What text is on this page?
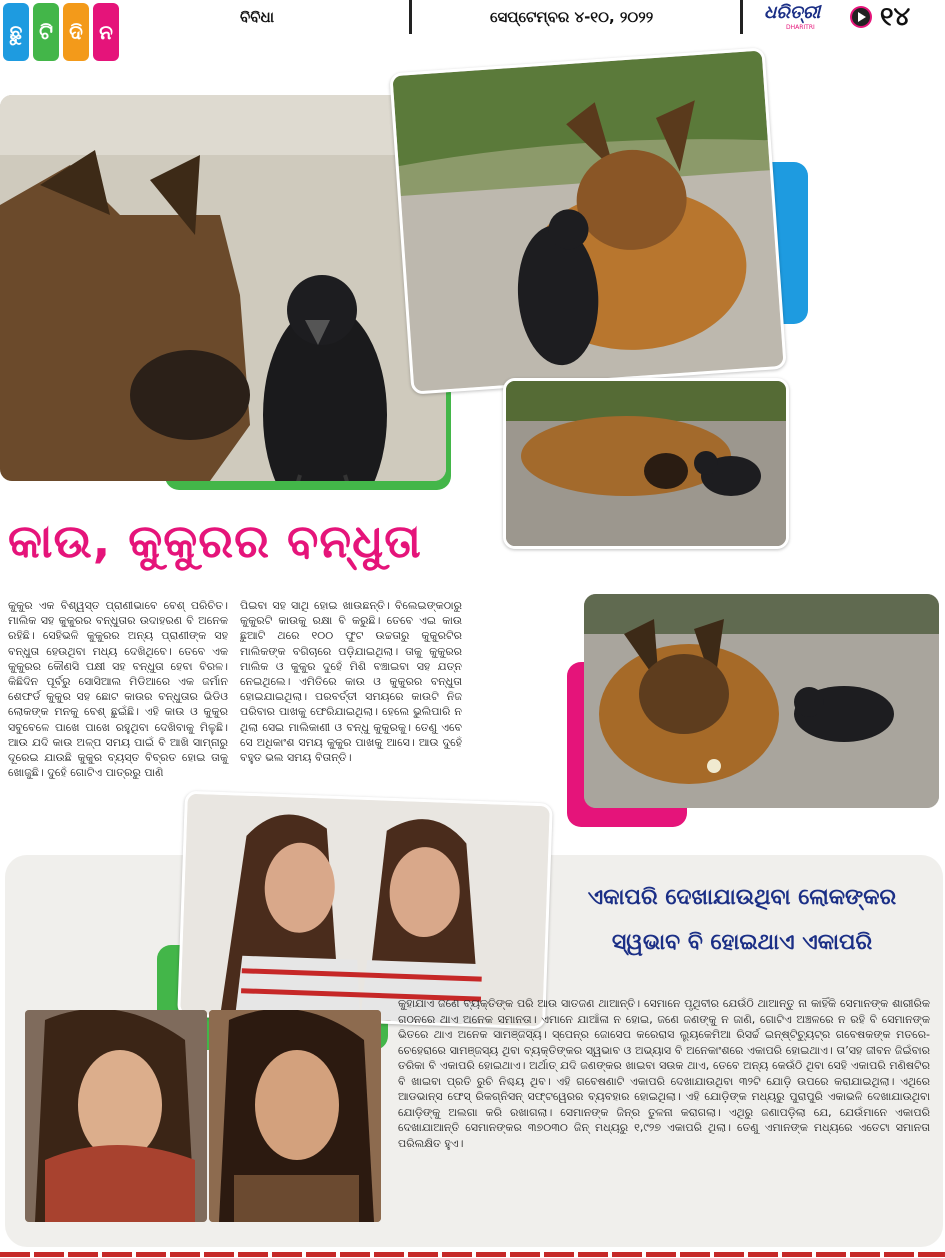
ଛୁ ଟି ଦି ନ
ବିବିଧା	ସେପ୍ଟେମ୍ବର ୪-୧୦, ୨୦୨୨	ଧରିତ୍ରୀ
DHARITRI	୧୪
କାଉ, କୁକୁରର ବନ୍ଧୁତା
କୁକୁର ଏକ ବିଶ୍ୱସ୍ତ ପ୍ରାଣୀଭାବେ ବେଶ୍ ପରିଚିତ। ମାଲିକ ସହ କୁକୁରର ବନ୍ଧୁତାର ଉଦାହରଣ ବି ଅନେକ ରହିଛି। ସେହିଭଳି କୁକୁରର ଅନ୍ୟ ପ୍ରାଣୀଙ୍କ ସହ ବନ୍ଧୁତା ହେଉଥିବା ମଧ୍ୟ ଦେଖିଥିବେ। ତେବେ ଏକ କୁକୁରର କୌଣସି ପକ୍ଷୀ ସହ ବନ୍ଧୁତା ହେବା ବିରଳ। କିଛିଦିନ ପୂର୍ବରୁ ସୋସିଆଲ ମିଡିଆରେ ଏକ ଜର୍ମାନ ଶେଫର୍ଡ କୁକୁର ସହ ଛୋଟ କାଉର ବନ୍ଧୁତାର ଭିଡିଓ ଲୋକଙ୍କ ମନକୁ ବେଶ୍ ଛୁଇଁଛି। ଏହି କାଉ ଓ କୁକୁର ସବୁବେଳେ ପାଖେ ପାଖେ ରହୁଥିବା ଦେଖିବାକୁ ମିଳୁଛି। ଆଉ ଯଦି କାଉ ଅଳ୍ପ ସମୟ ପାଇଁ ବି ଆଖି ସାମ୍ନାରୁ ଦୂରେଇ ଯାଉଛି କୁକୁର ବ୍ୟସ୍ତ ବିବ୍ରତ ହୋଇ ତାକୁ ଖୋଜୁଛି। ଦୁହେଁ ଗୋଟିଏ ପାତ୍ରରୁ ପାଣି
ପିଇବା ସହ ସାଥି ହୋଇ ଖାଉଛନ୍ତି। ବିଲେଇଙ୍କଠାରୁ କୁକୁରଟି କାଉକୁ ରକ୍ଷା ବି କରୁଛି। ତେବେ ଏଇ କାଉ ଛୁଆଟି ଥରେ ୧୦୦ ଫୁଟ ଉଚ୍ଚତାରୁ କୁକୁରଟିର ମାଲିକଙ୍କ ବଗିଚାରେ ପଡ଼ିଯାଇଥିଲା। ତାକୁ କୁକୁରର ମାଲିକ ଓ କୁକୁର ଦୁହେଁ ମିଶି ବଞ୍ଚାଇବା ସହ ଯତ୍ନ ନେଇଥିଲେ। ଏମିତିରେ କାଉ ଓ କୁକୁରର ବନ୍ଧୁତା ହୋଇଯାଇଥିଲା। ପରବର୍ତ୍ତୀ ସମୟରେ କାଉଟି ନିଜ ପରିବାର ପାଖକୁ ଫେରିଯାଇଥିଲା। ହେଲେ ଭୁଲିପାରି ନ ଥିଲା ସେଇ ମାଲିକାଣୀ ଓ ବନ୍ଧୁ କୁକୁରକୁ। ତେଣୁ ଏବେ ସେ ଅଧିକାଂଶ ସମୟ କୁକୁର ପାଖକୁ ଆସେ। ଆଉ ଦୁହେଁ ବହୁତ ଭଲ ସମୟ ବିତାନ୍ତି।
ଏକାପରି ଦେଖାଯାଉଥିବା ଲୋକଙ୍କର
ସ୍ୱଭାବ ବି ହୋଇଥାଏ ଏକାପରି
କୁହାଯାଏ ଜଣେ ବ୍ୟକ୍ତିଙ୍କ ପରି ଆଉ ସାତଜଣ ଥାଆନ୍ତି। ସେମାନେ ପୃଥିବୀର ଯେଉଁଠି ଥାଆନ୍ତୁ ନା କାହିଁକି ସେମାନଙ୍କ ଶାରୀରିକ ଗଠନରେ ଥାଏ ଅନେକ ସମାନତା। ଏମାନେ ଯାଆଁଳା ନ ହୋଇ, ଜଣେ ଜଣଙ୍କୁ ନ ଜାଣି, ଗୋଟିଏ ଅଞ୍ଚଳରେ ନ ରହି ବି ସେମାନଙ୍କ ଭିତରେ ଥାଏ ଅନେକ ସାମଞ୍ଜସ୍ୟ। ସ୍ପେନ୍‌ର ଜୋସେପ କରେରାସ ଲ୍ୟୁକେମିଆ ରିସର୍ଚ୍ଚ ଇନ୍‌ଷ୍ଟିଚ୍ୟୁଟ୍‌ର ଗବେଷକଙ୍କ ମତରେ-ଚେହେରାରେ ସାମଞ୍ଜସ୍ୟ ଥିବା ବ୍ୟକ୍ତିଙ୍କର ସ୍ୱଭାବ ଓ ଅଭ୍ୟାସ ବି ଅନେକାଂଶରେ ଏକାପରି ହୋଇଥାଏ। ତା’ସହ ଜୀବନ ଜିଇଁବାର ତରିକା ବି ଏକାପରି ହୋଇଥାଏ। ଅର୍ଥାତ୍ ଯଦି ଜଣଙ୍କର ଖାଇବା ସଉକ ଥାଏ, ତେବେ ଅନ୍ୟ କେଉଁଠି ଥିବା ସେହି ଏକାପରି ମଣିଷଟିର ବି ଖାଇବା ପ୍ରତି ରୁଚି ନିଶ୍ଚୟ ଥିବ। ଏହି ଗବେଷଣାଟି ଏକାପରି ଦେଖାଯାଉଥିବା ୩୨ଟି ଯୋଡ଼ି ଉପରେ କରାଯାଇଥିଲା। ଏଥିରେ ଆଡଭାନ୍ସ ଫେସ୍ ରିକଗ୍ନିସନ୍ ସଫ୍ଟୱେରର ବ୍ୟବହାର ହୋଇଥିଲା। ଏହି ଯୋଡ଼ିଙ୍କ ମଧ୍ୟରୁ ପୁରାପୁରି ଏକାଭଳି ଦେଖାଯାଉଥିବା ଯୋଡ଼ିଙ୍କୁ ଅଲଗା କରି ରଖାଗଲା। ସେମାନଙ୍କ ଜିନ୍‌ର ତୁଳନା କରାଗଲା। ଏଥିରୁ ଜଣାପଡ଼ିଲା ଯେ, ଯେଉଁମାନେ ଏକାପରି ଦେଖାଯାଆନ୍ତି ସେମାନଙ୍କର ୩୭୦୩୦ ଜିନ୍ ମଧ୍ୟରୁ ୧,୯୨୭ ଏକାପରି ଥିଲା। ତେଣୁ ଏମାନଙ୍କ ମଧ୍ୟରେ ଏତେଟା ସମାନତା ପରିଲକ୍ଷିତ ହୁଏ।
